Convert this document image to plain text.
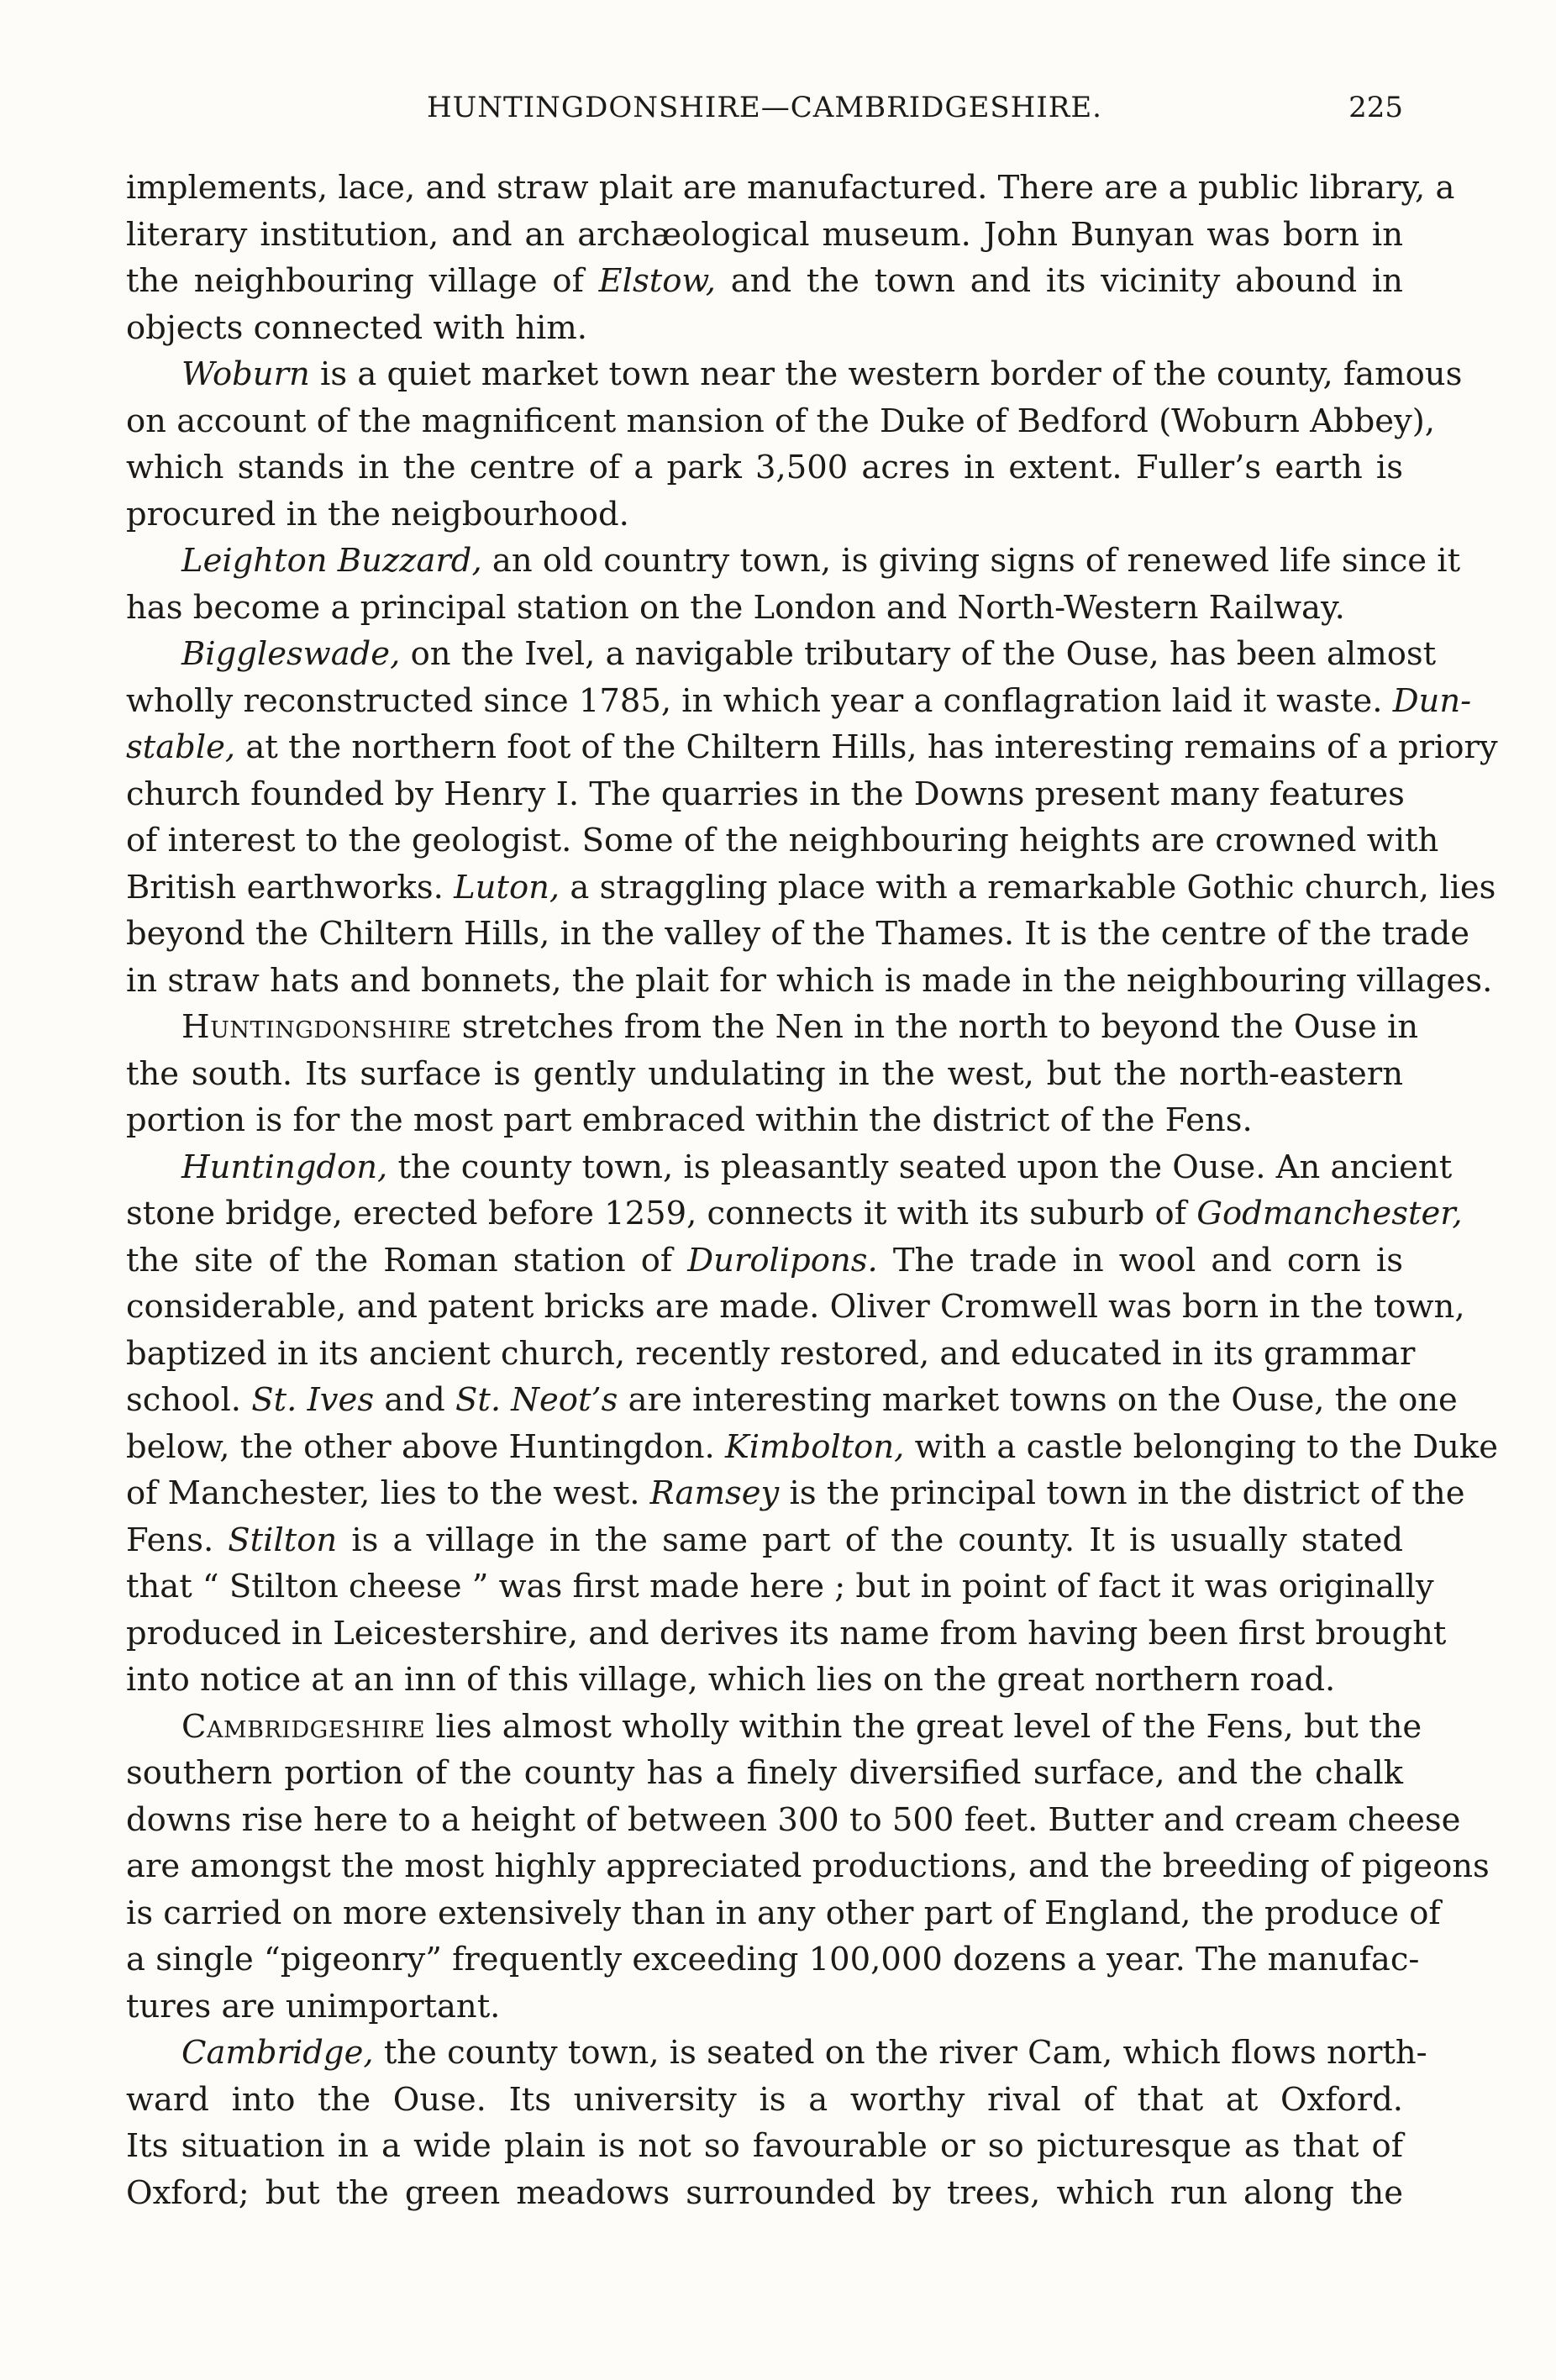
HUNTINGDONSHIRE—CAMBRIDGESHIRE.	225
implements, lace, and straw plait are manufactured. There are a public library, a
literary institution, and an archæological museum. John Bunyan was born in
the neighbouring village of Elstow, and the town and its vicinity abound in
objects connected with him.
Woburn is a quiet market town near the western border of the county, famous
on account of the magnificent mansion of the Duke of Bedford (Woburn Abbey),
which stands in the centre of a park 3,500 acres in extent. Fuller’s earth is
procured in the neigbourhood.
Leighton Buzzard, an old country town, is giving signs of renewed life since it
has become a principal station on the London and North-Western Railway.
Biggleswade, on the Ivel, a navigable tributary of the Ouse, has been almost
wholly reconstructed since 1785, in which year a conflagration laid it waste. Dun-
stable, at the northern foot of the Chiltern Hills, has interesting remains of a priory
church founded by Henry I. The quarries in the Downs present many features
of interest to the geologist. Some of the neighbouring heights are crowned with
British earthworks. Luton, a straggling place with a remarkable Gothic church, lies
beyond the Chiltern Hills, in the valley of the Thames. It is the centre of the trade
in straw hats and bonnets, the plait for which is made in the neighbouring villages.
Huntingdonshire stretches from the Nen in the north to beyond the Ouse in
the south. Its surface is gently undulating in the west, but the north-eastern
portion is for the most part embraced within the district of the Fens.
Huntingdon, the county town, is pleasantly seated upon the Ouse. An ancient
stone bridge, erected before 1259, connects it with its suburb of Godmanchester,
the site of the Roman station of Durolipons. The trade in wool and corn is
considerable, and patent bricks are made. Oliver Cromwell was born in the town,
baptized in its ancient church, recently restored, and educated in its grammar
school. St. Ives and St. Neot’s are interesting market towns on the Ouse, the one
below, the other above Huntingdon. Kimbolton, with a castle belonging to the Duke
of Manchester, lies to the west. Ramsey is the principal town in the district of the
Fens. Stilton is a village in the same part of the county. It is usually stated
that “ Stilton cheese ” was first made here ; but in point of fact it was originally
produced in Leicestershire, and derives its name from having been first brought
into notice at an inn of this village, which lies on the great northern road.
Cambridgeshire lies almost wholly within the great level of the Fens, but the
southern portion of the county has a finely diversified surface, and the chalk
downs rise here to a height of between 300 to 500 feet. Butter and cream cheese
are amongst the most highly appreciated productions, and the breeding of pigeons
is carried on more extensively than in any other part of England, the produce of
a single “pigeonry” frequently exceeding 100,000 dozens a year. The manufac-
tures are unimportant.
Cambridge, the county town, is seated on the river Cam, which flows north-
ward into the Ouse. Its university is a worthy rival of that at Oxford.
Its situation in a wide plain is not so favourable or so picturesque as that of
Oxford; but the green meadows surrounded by trees, which run along the
